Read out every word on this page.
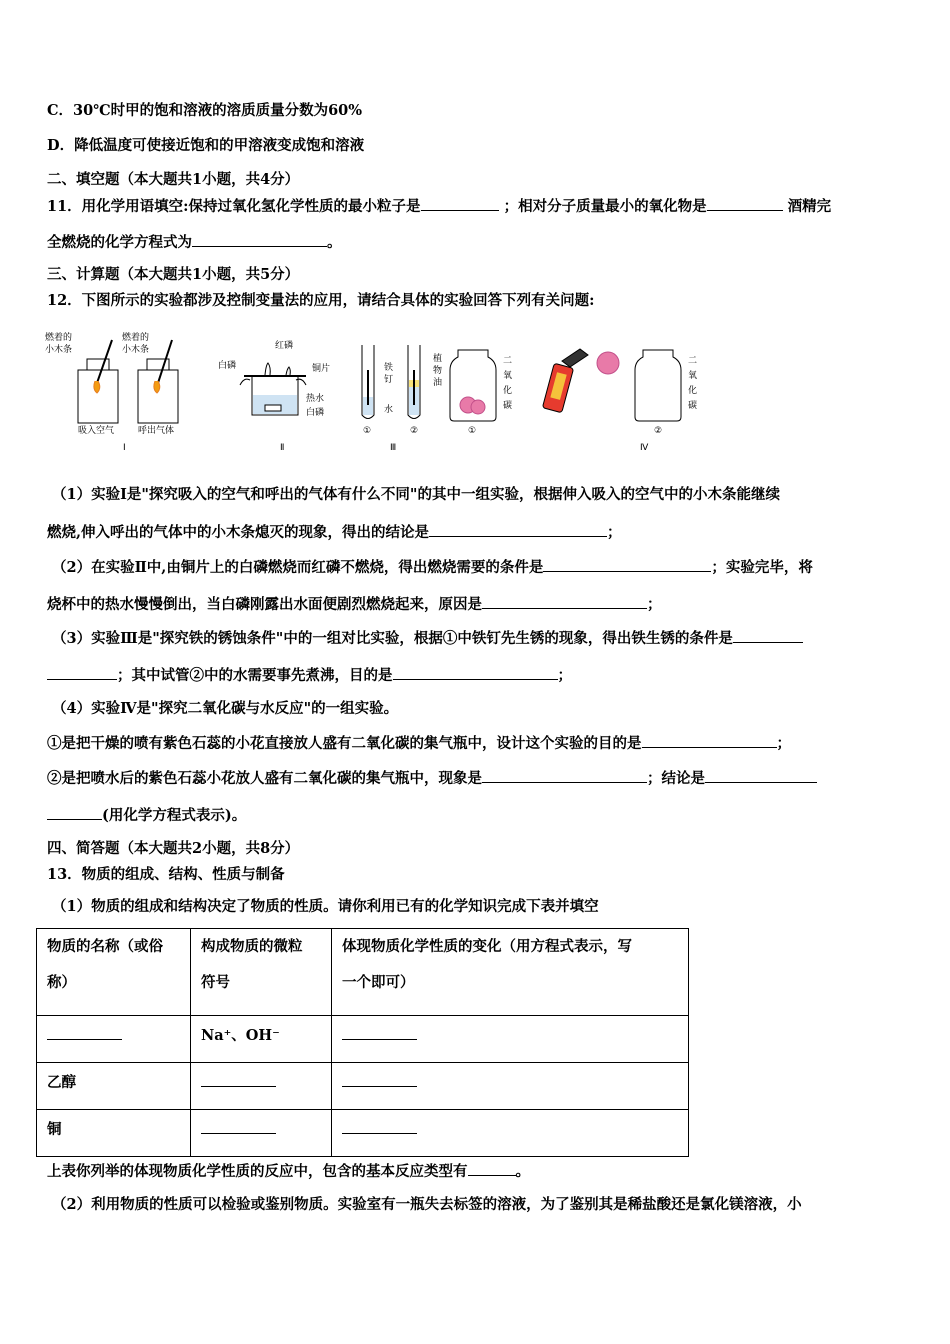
C．30℃时甲的饱和溶液的溶质质量分数为60%
D．降低温度可使接近饱和的甲溶液变成饱和溶液
二、填空题（本大题共1小题，共4分）
11．用化学用语填空:保持过氧化氢化学性质的最小粒子是	；相对分子质量最小的氧化物是	酒精完
全燃烧的化学方程式为	。
三、计算题（本大题共1小题，共5分）
12．下图所示的实验都涉及控制变量法的应用，请结合具体的实验回答下列有关问题:
燃着的
小木条
燃着的
小木条
吸入空气	呼出气体
Ⅰ
红磷
白磷	铜片
热水
白磷
Ⅱ
铁
钉
植
物
油
水
①	②
Ⅲ
二
氧
化
碳
①
二
氧
化
碳
②
Ⅳ
（1）实验Ⅰ是"探究吸入的空气和呼出的气体有什么不同"的其中一组实验，根据伸入吸入的空气中的小木条能继续
燃烧,伸入呼出的气体中的小木条熄灭的现象，得出的结论是	；
（2）在实验Ⅱ中,由铜片上的白磷燃烧而红磷不燃烧，得出燃烧需要的条件是	；实验完毕，将
烧杯中的热水慢慢倒出，当白磷刚露出水面便剧烈燃烧起来，原因是	；
（3）实验Ⅲ是"探究铁的锈蚀条件"中的一组对比实验，根据①中铁钉先生锈的现象，得出铁生锈的条件是
；其中试管②中的水需要事先煮沸，目的是	；
（4）实验Ⅳ是"探究二氧化碳与水反应"的一组实验。
①是把干燥的喷有紫色石蕊的小花直接放人盛有二氧化碳的集气瓶中，设计这个实验的目的是	；
②是把喷水后的紫色石蕊小花放人盛有二氧化碳的集气瓶中，现象是	；结论是
(用化学方程式表示)。
四、简答题（本大题共2小题，共8分）
13．物质的组成、结构、性质与制备
（1）物质的组成和结构决定了物质的性质。请你利用已有的化学知识完成下表并填空
物质的名称（或俗
称）	构成物质的微粒
符号	体现物质化学性质的变化（用方程式表示，写
一个即可）
	Na⁺、OH⁻	
乙醇		
铜		
上表你列举的体现物质化学性质的反应中，包含的基本反应类型有	。
（2）利用物质的性质可以检验或鉴别物质。实验室有一瓶失去标签的溶液，为了鉴别其是稀盐酸还是氯化镁溶液，小
